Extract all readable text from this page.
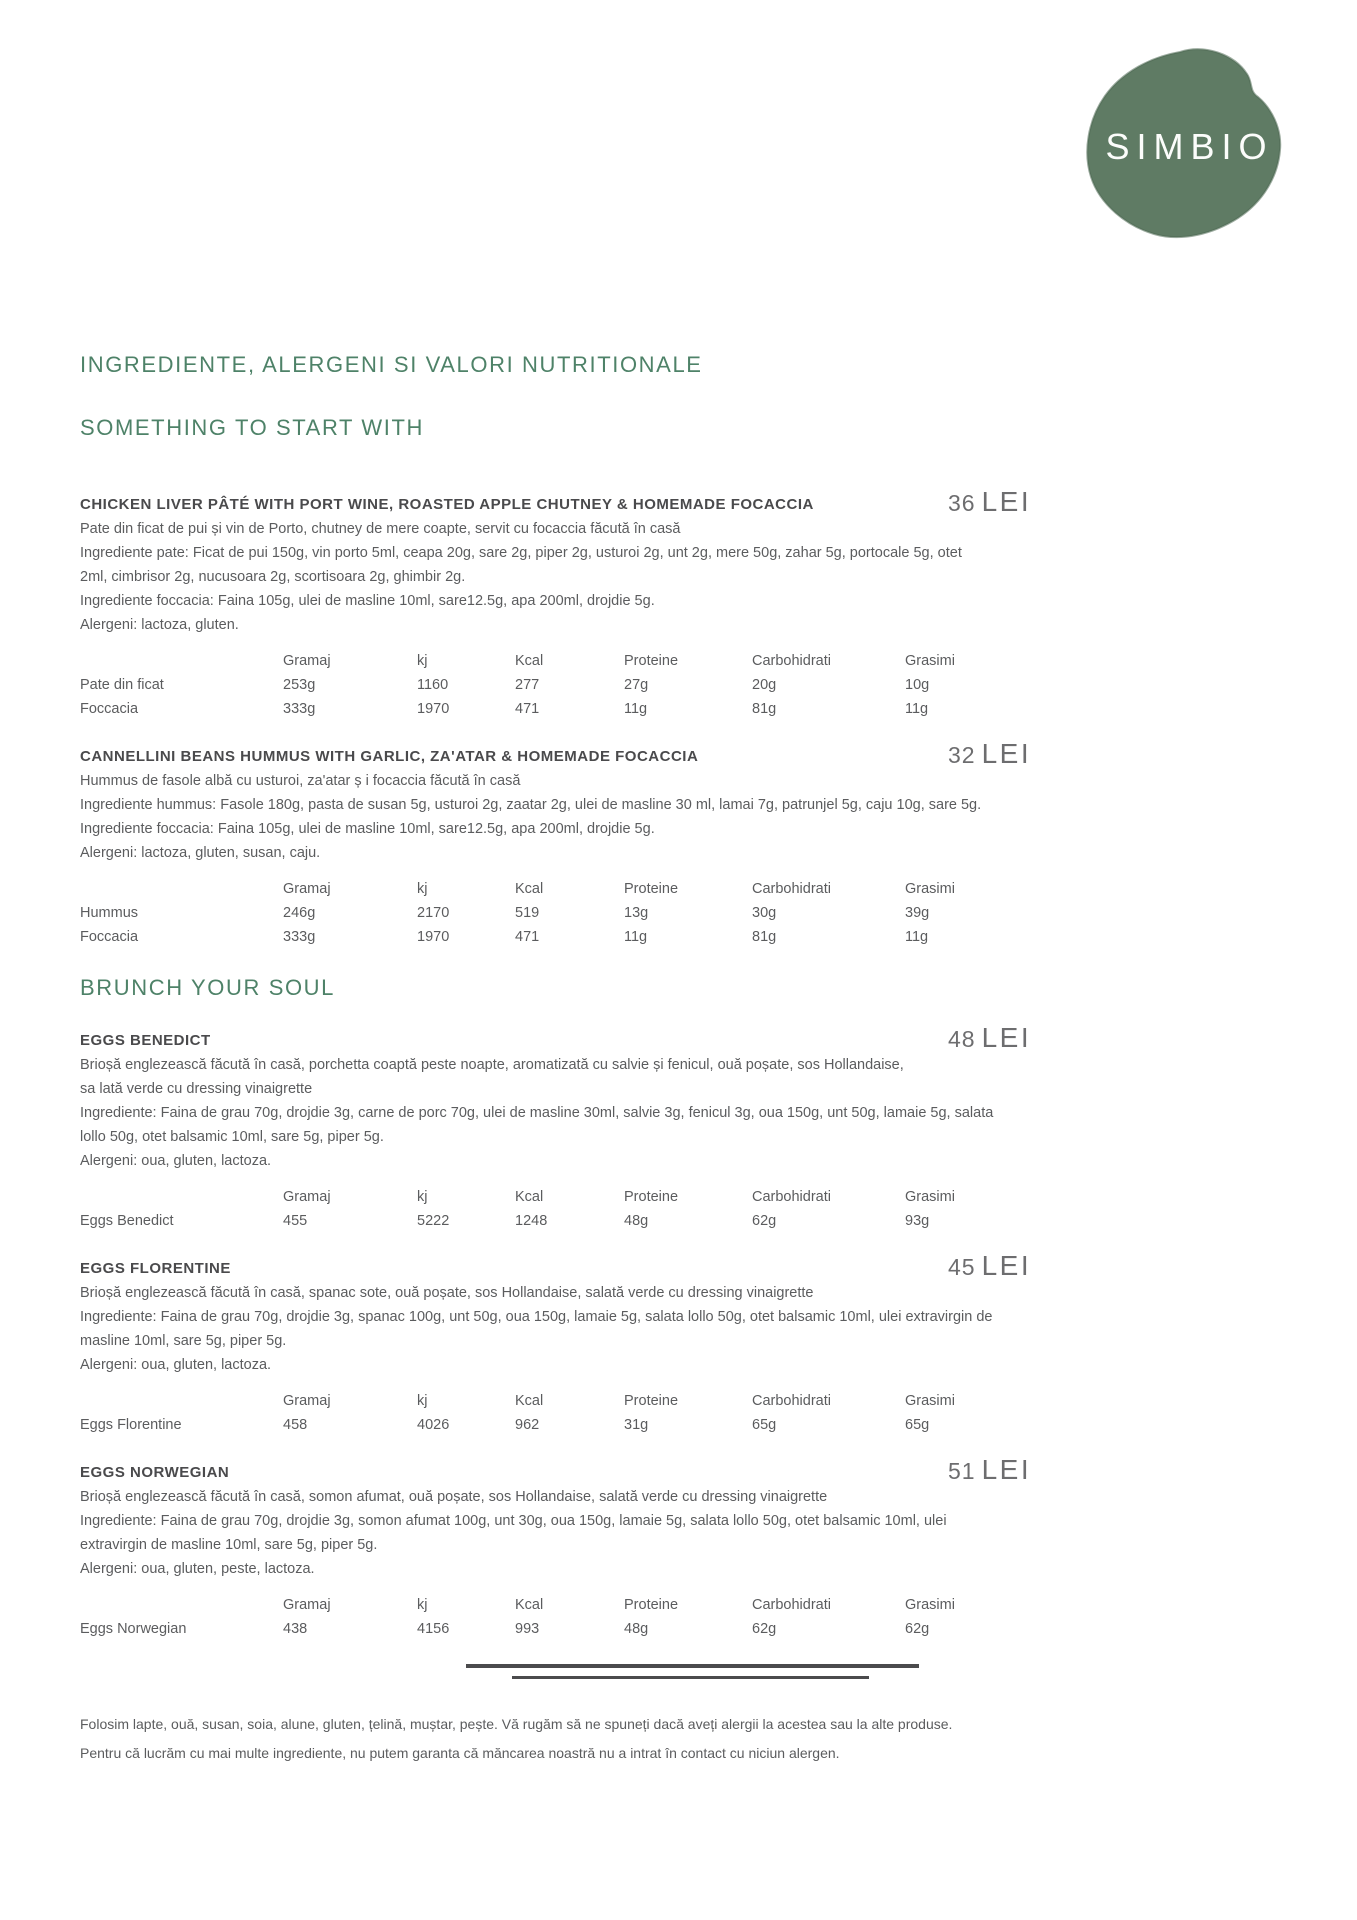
SIMBIO
INGREDIENTE, ALERGENI SI VALORI NUTRITIONALE
SOMETHING TO START WITH
CHICKEN LIVER PÂTÉ WITH PORT WINE, ROASTED APPLE CHUTNEY & HOMEMADE FOCACCIA	36 LEI
Pate din ficat de pui și vin de Porto, chutney de mere coapte, servit cu focaccia făcută în casă
Ingrediente pate: Ficat de pui 150g, vin porto 5ml, ceapa 20g, sare 2g, piper 2g, usturoi 2g, unt 2g, mere 50g, zahar 5g, portocale 5g, otet
2ml, cimbrisor 2g, nucusoara 2g, scortisoara 2g, ghimbir 2g.
Ingrediente foccacia: Faina 105g, ulei de masline 10ml, sare12.5g, apa 200ml, drojdie 5g.
Alergeni: lactoza, gluten.
Gramaj	kj	Kcal	Proteine	Carbohidrati	Grasimi
Pate din ficat	253g	1160	277	27g	20g	10g
Foccacia	333g	1970	471	11g	81g	11g
CANNELLINI BEANS HUMMUS WITH GARLIC, ZA'ATAR & HOMEMADE FOCACCIA	32 LEI
Hummus de fasole albă cu usturoi, za'atar ș i focaccia făcută în casă
Ingrediente hummus: Fasole 180g, pasta de susan 5g, usturoi 2g, zaatar 2g, ulei de masline 30 ml, lamai 7g, patrunjel 5g, caju 10g, sare 5g.
Ingrediente foccacia: Faina 105g, ulei de masline 10ml, sare12.5g, apa 200ml, drojdie 5g.
Alergeni: lactoza, gluten, susan, caju.
Gramaj	kj	Kcal	Proteine	Carbohidrati	Grasimi
Hummus	246g	2170	519	13g	30g	39g
Foccacia	333g	1970	471	11g	81g	11g
BRUNCH YOUR SOUL
EGGS BENEDICT	48 LEI
Brioșă englezească făcută în casă, porchetta coaptă peste noapte, aromatizată cu salvie și fenicul, ouă poșate, sos Hollandaise,
sa lată verde cu dressing vinaigrette
Ingrediente: Faina de grau 70g, drojdie 3g, carne de porc 70g, ulei de masline 30ml, salvie 3g, fenicul 3g, oua 150g, unt 50g, lamaie 5g, salata
lollo 50g, otet balsamic 10ml, sare 5g, piper 5g.
Alergeni: oua, gluten, lactoza.
Gramaj	kj	Kcal	Proteine	Carbohidrati	Grasimi
Eggs Benedict	455	5222	1248	48g	62g	93g
EGGS FLORENTINE	45 LEI
Brioșă englezească făcută în casă, spanac sote, ouă poșate, sos Hollandaise, salată verde cu dressing vinaigrette
Ingrediente: Faina de grau 70g, drojdie 3g, spanac 100g, unt 50g, oua 150g, lamaie 5g, salata lollo 50g, otet balsamic 10ml, ulei extravirgin de
masline 10ml, sare 5g, piper 5g.
Alergeni: oua, gluten, lactoza.
Gramaj	kj	Kcal	Proteine	Carbohidrati	Grasimi
Eggs Florentine	458	4026	962	31g	65g	65g
EGGS NORWEGIAN	51 LEI
Brioșă englezească făcută în casă, somon afumat, ouă poșate, sos Hollandaise, salată verde cu dressing vinaigrette
Ingrediente: Faina de grau 70g, drojdie 3g, somon afumat 100g, unt 30g, oua 150g, lamaie 5g, salata lollo 50g, otet balsamic 10ml, ulei
extravirgin de masline 10ml, sare 5g, piper 5g.
Alergeni: oua, gluten, peste, lactoza.
Gramaj	kj	Kcal	Proteine	Carbohidrati	Grasimi
Eggs Norwegian	438	4156	993	48g	62g	62g
Folosim lapte, ouă, susan, soia, alune, gluten, țelină, muștar, pește. Vă rugăm să ne spuneți dacă aveți alergii la acestea sau la alte produse.
Pentru că lucrăm cu mai multe ingrediente, nu putem garanta că măncarea noastră nu a intrat în contact cu niciun alergen.
